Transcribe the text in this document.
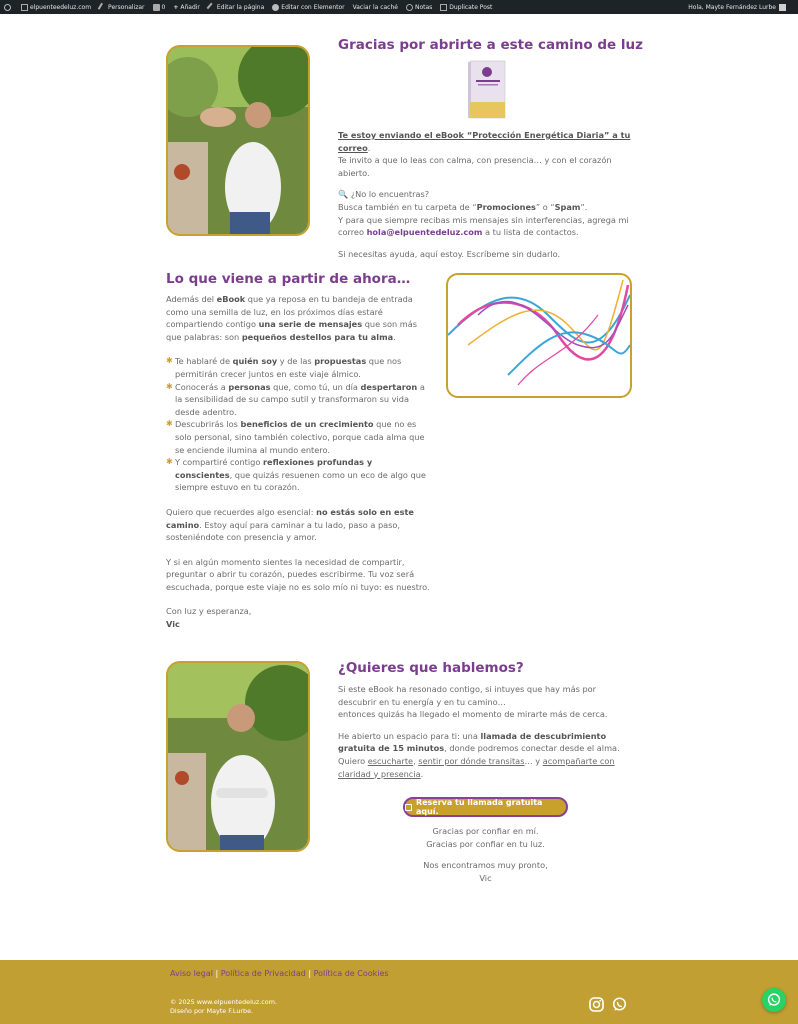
elpuenteedeluz.com	Personalizar	0 + Añadir	Editar la página	Editar con Elementor Vaciar la caché	Notas	Duplicate Post	Hola, Mayte Fernández Lurbe
Gracias por abrirte a este camino de luz
Te estoy enviando el eBook “Protección Energética Diaria” a tu correo.
Te invito a que lo leas con calma, con presencia… y con el corazón abierto.
🔍 ¿No lo encuentras?
Busca también en tu carpeta de “Promociones” o “Spam”.
Y para que siempre recibas mis mensajes sin interferencias, agrega mi
correo hola@elpuentedeluz.com a tu lista de contactos.
Si necesitas ayuda, aquí estoy. Escríbeme sin dudarlo.
Lo que viene a partir de ahora…

Además del eBook que ya reposa en tu bandeja de entrada como una semilla de luz, en los próximos días estaré compartiendo contigo una serie de mensajes que son más que palabras: son pequeños destellos para tu alma.

✱ Te hablaré de quién soy y de las propuestas que nos permitirán crecer juntos en este viaje álmico.
✱ Conocerás a personas que, como tú, un día despertaron a la sensibilidad de su campo sutil y transformaron su vida desde adentro.
✱ Descubrirás los beneficios de un crecimiento que no es solo personal, sino también colectivo, porque cada alma que se enciende ilumina al mundo entero.
✱ Y compartiré contigo reflexiones profundas y conscientes, que quizás resuenen como un eco de algo que siempre estuvo en tu corazón.

Quiero que recuerdes algo esencial: no estás solo en este camino. Estoy aquí para caminar a tu lado, paso a paso, sosteniéndote con presencia y amor.

Y si en algún momento sientes la necesidad de compartir, preguntar o abrir tu corazón, puedes escribirme. Tu voz será escuchada, porque este viaje no es solo mío ni tuyo: es nuestro.

Con luz y esperanza,

Vic

¿Quieres que hablemos?

Si este eBook ha resonado contigo, si intuyes que hay más por descubrir en tu energía y en tu camino…

entonces quizás ha llegado el momento de mirarte más de cerca.

He abierto un espacio para ti: una llamada de descubrimiento gratuita de 15 minutos, donde podremos conectar desde el alma.

Quiero escucharte, sentir por dónde transitas… y acompañarte con claridad y presencia.

Reserva tu llamada gratuita aquí.

Gracias por confiar en mí.

Gracias por confiar en tu luz.

Nos encontramos muy pronto,

Vic

Aviso legal | Política de Privacidad | Política de Cookies
© 2025 www.elpuentedeluz.com.
Diseño por Mayte F.Lurbe.
